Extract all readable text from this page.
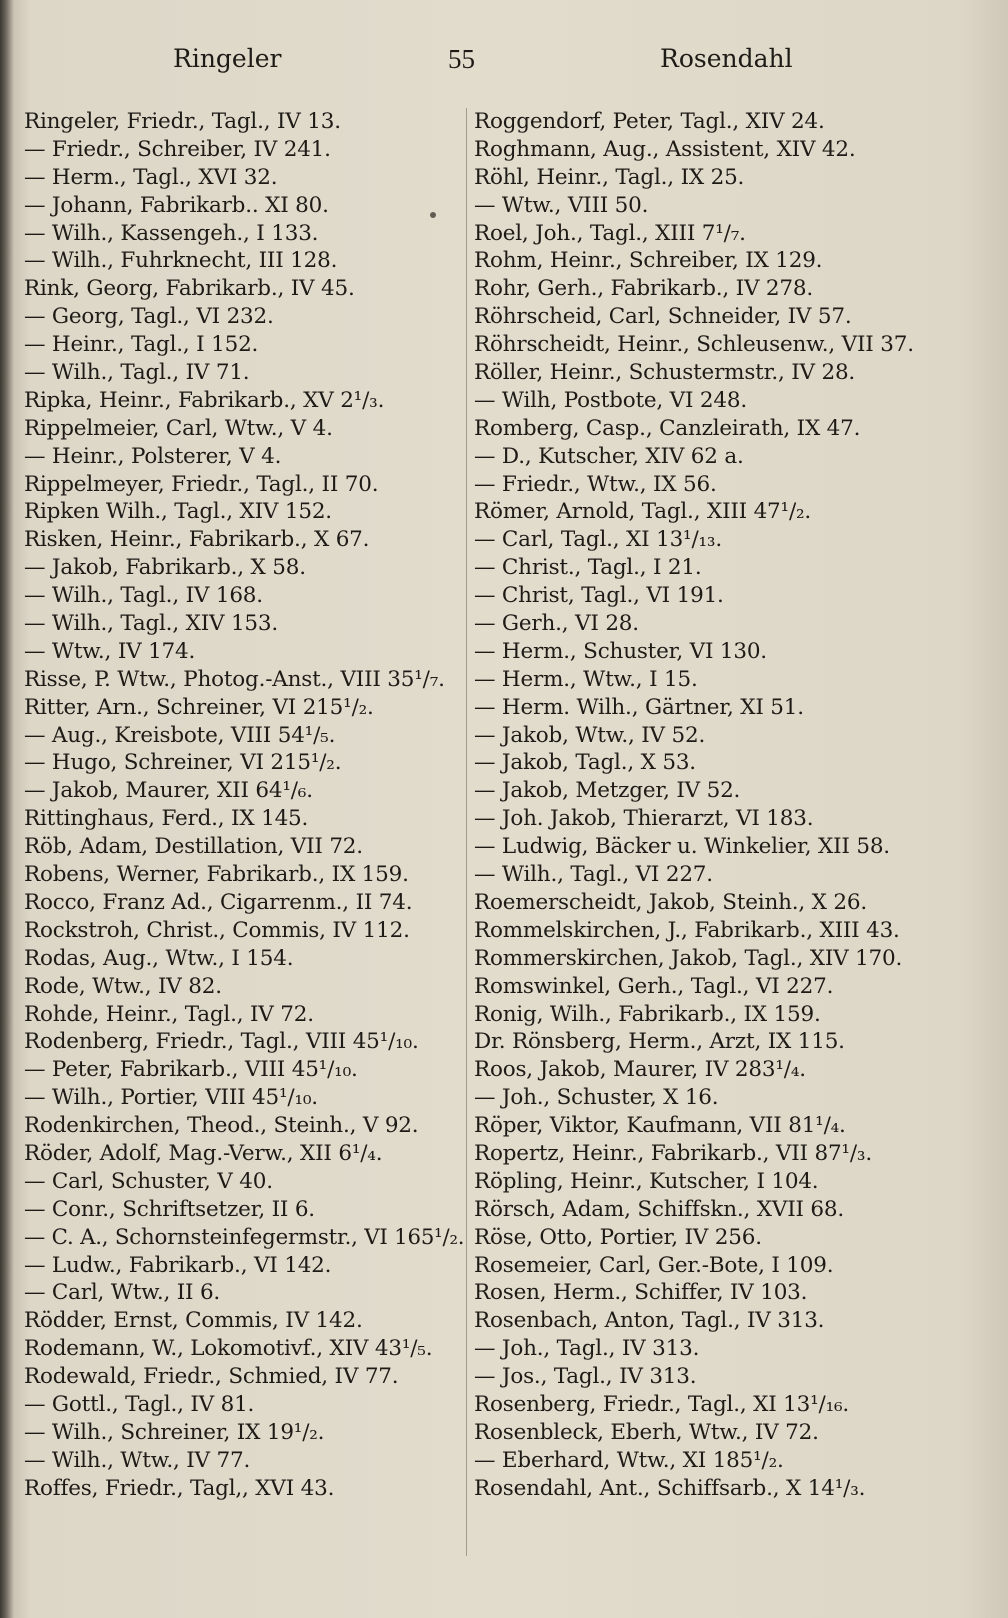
Ringeler	55	Rosendahl
Ringeler, Friedr., Tagl., IV 13.
— Friedr., Schreiber, IV 241.
— Herm., Tagl., XVI 32.
— Johann, Fabrikarb.. XI 80.
— Wilh., Kassengeh., I 133.
— Wilh., Fuhrknecht, III 128.
Rink, Georg, Fabrikarb., IV 45.
— Georg, Tagl., VI 232.
— Heinr., Tagl., I 152.
— Wilh., Tagl., IV 71.
Ripka, Heinr., Fabrikarb., XV 2¹/₃.
Rippelmeier, Carl, Wtw., V 4.
— Heinr., Polsterer, V 4.
Rippelmeyer, Friedr., Tagl., II 70.
Ripken Wilh., Tagl., XIV 152.
Risken, Heinr., Fabrikarb., X 67.
— Jakob, Fabrikarb., X 58.
— Wilh., Tagl., IV 168.
— Wilh., Tagl., XIV 153.
— Wtw., IV 174.
Risse, P. Wtw., Photog.-Anst., VIII 35¹/₇.
Ritter, Arn., Schreiner, VI 215¹/₂.
— Aug., Kreisbote, VIII 54¹/₅.
— Hugo, Schreiner, VI 215¹/₂.
— Jakob, Maurer, XII 64¹/₆.
Rittinghaus, Ferd., IX 145.
Röb, Adam, Destillation, VII 72.
Robens, Werner, Fabrikarb., IX 159.
Rocco, Franz Ad., Cigarrenm., II 74.
Rockstroh, Christ., Commis, IV 112.
Rodas, Aug., Wtw., I 154.
Rode, Wtw., IV 82.
Rohde, Heinr., Tagl., IV 72.
Rodenberg, Friedr., Tagl., VIII 45¹/₁₀.
— Peter, Fabrikarb., VIII 45¹/₁₀.
— Wilh., Portier, VIII 45¹/₁₀.
Rodenkirchen, Theod., Steinh., V 92.
Röder, Adolf, Mag.-Verw., XII 6¹/₄.
— Carl, Schuster, V 40.
— Conr., Schriftsetzer, II 6.
— C. A., Schornsteinfegermstr., VI 165¹/₂.
— Ludw., Fabrikarb., VI 142.
— Carl, Wtw., II 6.
Rödder, Ernst, Commis, IV 142.
Rodemann, W., Lokomotivf., XIV 43¹/₅.
Rodewald, Friedr., Schmied, IV 77.
— Gottl., Tagl., IV 81.
— Wilh., Schreiner, IX 19¹/₂.
— Wilh., Wtw., IV 77.
Roffes, Friedr., Tagl,, XVI 43.
Roggendorf, Peter, Tagl., XIV 24.
Roghmann, Aug., Assistent, XIV 42.
Röhl, Heinr., Tagl., IX 25.
— Wtw., VIII 50.
Roel, Joh., Tagl., XIII 7¹/₇.
Rohm, Heinr., Schreiber, IX 129.
Rohr, Gerh., Fabrikarb., IV 278.
Röhrscheid, Carl, Schneider, IV 57.
Röhrscheidt, Heinr., Schleusenw., VII 37.
Röller, Heinr., Schustermstr., IV 28.
— Wilh, Postbote, VI 248.
Romberg, Casp., Canzleirath, IX 47.
— D., Kutscher, XIV 62 a.
— Friedr., Wtw., IX 56.
Römer, Arnold, Tagl., XIII 47¹/₂.
— Carl, Tagl., XI 13¹/₁₃.
— Christ., Tagl., I 21.
— Christ, Tagl., VI 191.
— Gerh., VI 28.
— Herm., Schuster, VI 130.
— Herm., Wtw., I 15.
— Herm. Wilh., Gärtner, XI 51.
— Jakob, Wtw., IV 52.
— Jakob, Tagl., X 53.
— Jakob, Metzger, IV 52.
— Joh. Jakob, Thierarzt, VI 183.
— Ludwig, Bäcker u. Winkelier, XII 58.
— Wilh., Tagl., VI 227.
Roemerscheidt, Jakob, Steinh., X 26.
Rommelskirchen, J., Fabrikarb., XIII 43.
Rommerskirchen, Jakob, Tagl., XIV 170.
Romswinkel, Gerh., Tagl., VI 227.
Ronig, Wilh., Fabrikarb., IX 159.
Dr. Rönsberg, Herm., Arzt, IX 115.
Roos, Jakob, Maurer, IV 283¹/₄.
— Joh., Schuster, X 16.
Röper, Viktor, Kaufmann, VII 81¹/₄.
Ropertz, Heinr., Fabrikarb., VII 87¹/₃.
Röpling, Heinr., Kutscher, I 104.
Rörsch, Adam, Schiffskn., XVII 68.
Röse, Otto, Portier, IV 256.
Rosemeier, Carl, Ger.-Bote, I 109.
Rosen, Herm., Schiffer, IV 103.
Rosenbach, Anton, Tagl., IV 313.
— Joh., Tagl., IV 313.
— Jos., Tagl., IV 313.
Rosenberg, Friedr., Tagl., XI 13¹/₁₆.
Rosenbleck, Eberh, Wtw., IV 72.
— Eberhard, Wtw., XI 185¹/₂.
Rosendahl, Ant., Schiffsarb., X 14¹/₃.
